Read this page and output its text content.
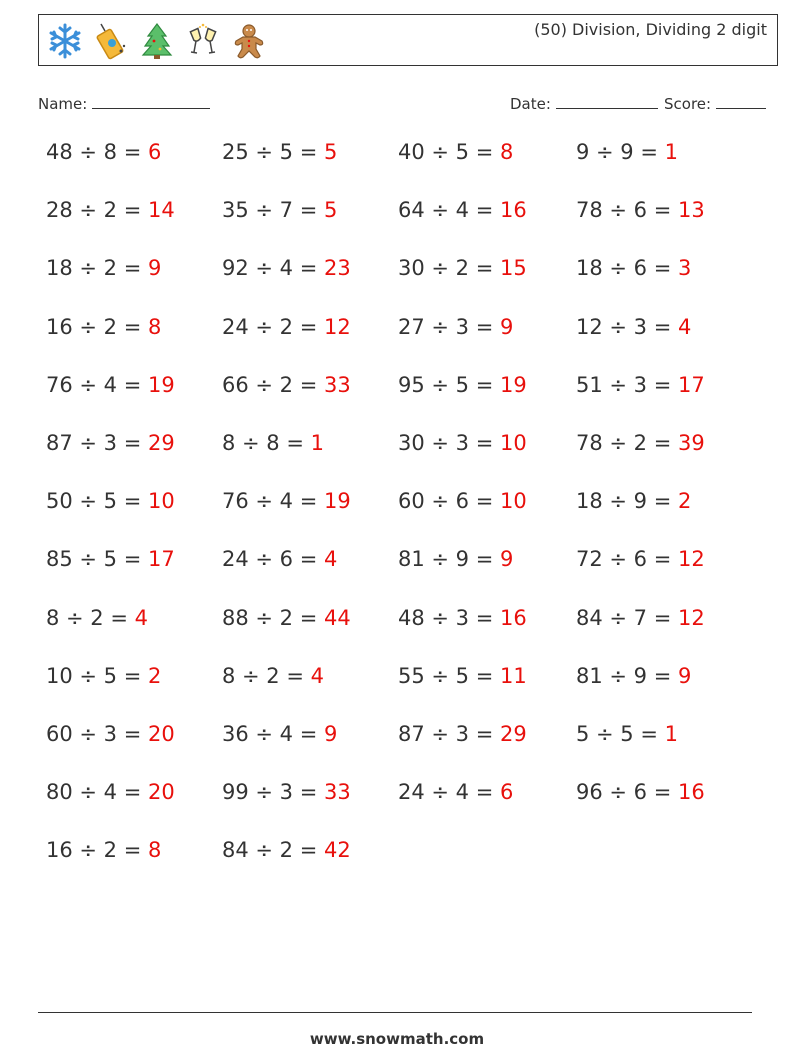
(50) Division, Dividing 2 digit
Name:	Date:	Score:
48 ÷ 8 = 6	25 ÷ 5 = 5	40 ÷ 5 = 8	9 ÷ 9 = 1
28 ÷ 2 = 14 35 ÷ 7 = 5	64 ÷ 4 = 16 78 ÷ 6 = 13
18 ÷ 2 = 9	92 ÷ 4 = 23 30 ÷ 2 = 15 18 ÷ 6 = 3
16 ÷ 2 = 8	24 ÷ 2 = 12 27 ÷ 3 = 9	12 ÷ 3 = 4
76 ÷ 4 = 19 66 ÷ 2 = 33 95 ÷ 5 = 19 51 ÷ 3 = 17
87 ÷ 3 = 29 8 ÷ 8 = 1	30 ÷ 3 = 10 78 ÷ 2 = 39
50 ÷ 5 = 10 76 ÷ 4 = 19 60 ÷ 6 = 10 18 ÷ 9 = 2
85 ÷ 5 = 17 24 ÷ 6 = 4	81 ÷ 9 = 9	72 ÷ 6 = 12
8 ÷ 2 = 4	88 ÷ 2 = 44 48 ÷ 3 = 16 84 ÷ 7 = 12
10 ÷ 5 = 2	8 ÷ 2 = 4	55 ÷ 5 = 11 81 ÷ 9 = 9
60 ÷ 3 = 20 36 ÷ 4 = 9	87 ÷ 3 = 29 5 ÷ 5 = 1
80 ÷ 4 = 20 99 ÷ 3 = 33 24 ÷ 4 = 6	96 ÷ 6 = 16
16 ÷ 2 = 8	84 ÷ 2 = 42
www.snowmath.com
